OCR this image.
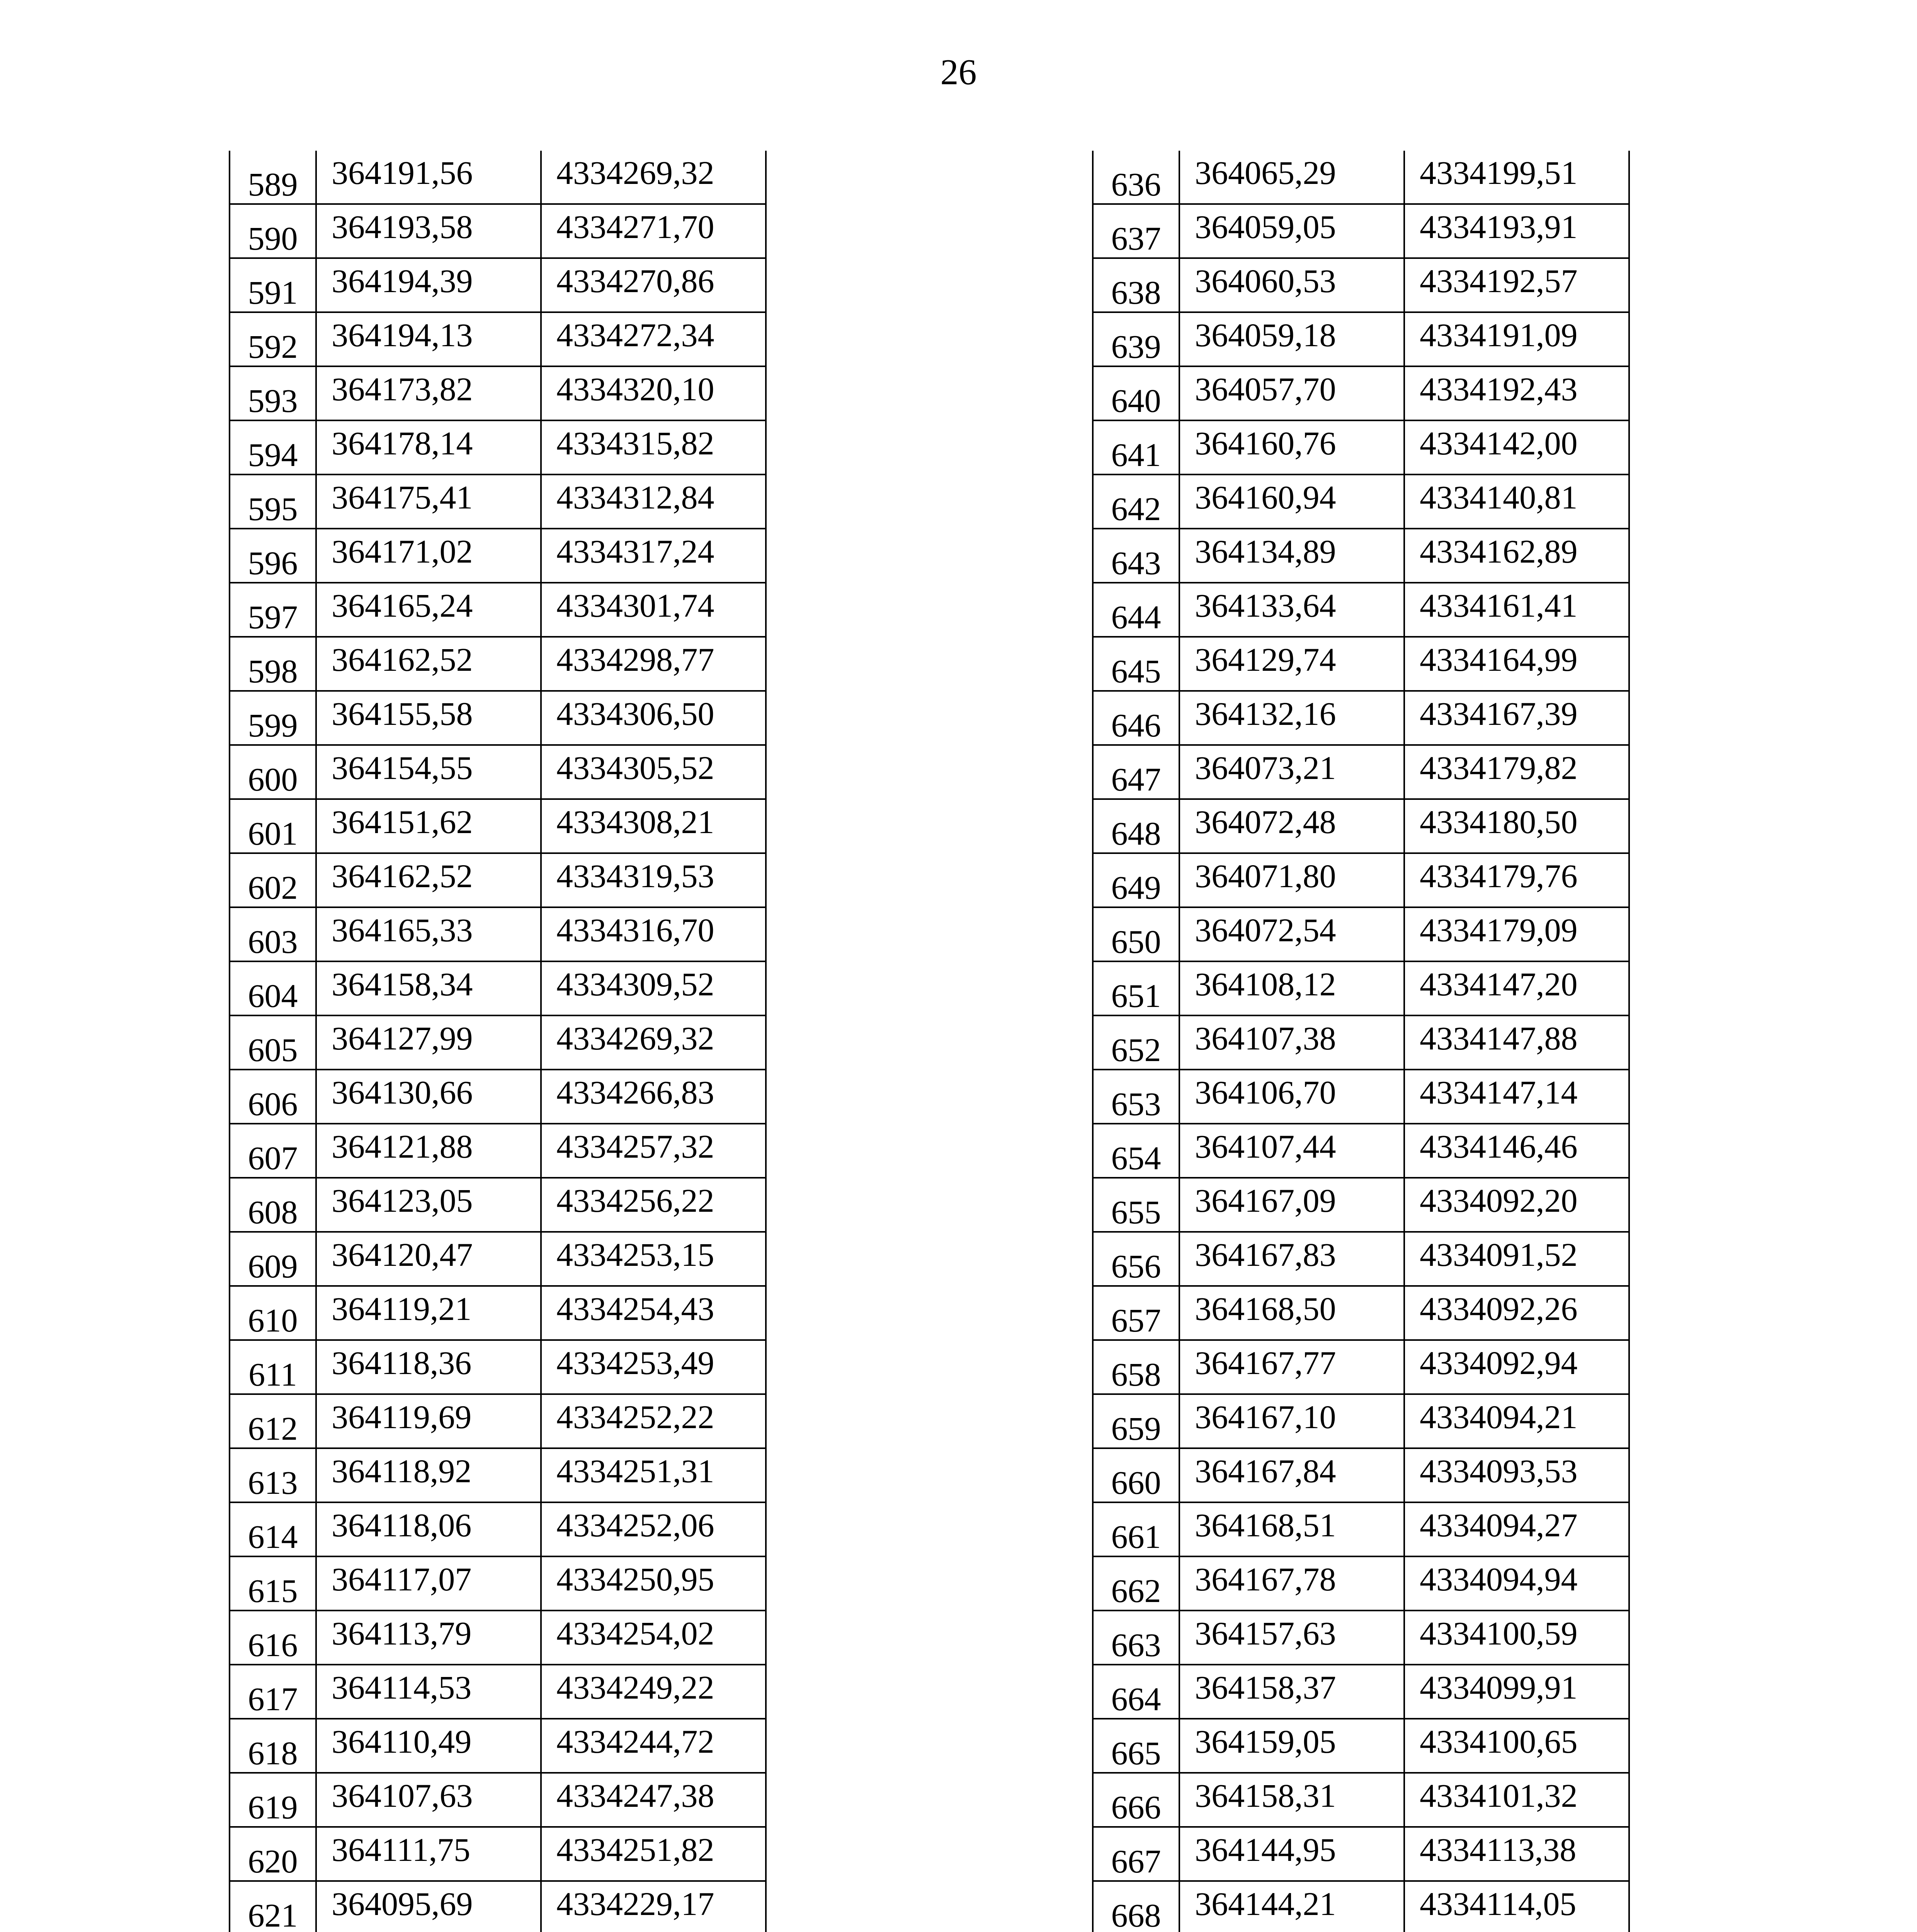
26
589	364191,56	4334269,32
590	364193,58	4334271,70
591	364194,39	4334270,86
592	364194,13	4334272,34
593	364173,82	4334320,10
594	364178,14	4334315,82
595	364175,41	4334312,84
596	364171,02	4334317,24
597	364165,24	4334301,74
598	364162,52	4334298,77
599	364155,58	4334306,50
600	364154,55	4334305,52
601	364151,62	4334308,21
602	364162,52	4334319,53
603	364165,33	4334316,70
604	364158,34	4334309,52
605	364127,99	4334269,32
606	364130,66	4334266,83
607	364121,88	4334257,32
608	364123,05	4334256,22
609	364120,47	4334253,15
610	364119,21	4334254,43
611	364118,36	4334253,49
612	364119,69	4334252,22
613	364118,92	4334251,31
614	364118,06	4334252,06
615	364117,07	4334250,95
616	364113,79	4334254,02
617	364114,53	4334249,22
618	364110,49	4334244,72
619	364107,63	4334247,38
620	364111,75	4334251,82
621	364095,69	4334229,17

636	364065,29	4334199,51
637	364059,05	4334193,91
638	364060,53	4334192,57
639	364059,18	4334191,09
640	364057,70	4334192,43
641	364160,76	4334142,00
642	364160,94	4334140,81
643	364134,89	4334162,89
644	364133,64	4334161,41
645	364129,74	4334164,99
646	364132,16	4334167,39
647	364073,21	4334179,82
648	364072,48	4334180,50
649	364071,80	4334179,76
650	364072,54	4334179,09
651	364108,12	4334147,20
652	364107,38	4334147,88
653	364106,70	4334147,14
654	364107,44	4334146,46
655	364167,09	4334092,20
656	364167,83	4334091,52
657	364168,50	4334092,26
658	364167,77	4334092,94
659	364167,10	4334094,21
660	364167,84	4334093,53
661	364168,51	4334094,27
662	364167,78	4334094,94
663	364157,63	4334100,59
664	364158,37	4334099,91
665	364159,05	4334100,65
666	364158,31	4334101,32
667	364144,95	4334113,38
668	364144,21	4334114,05
